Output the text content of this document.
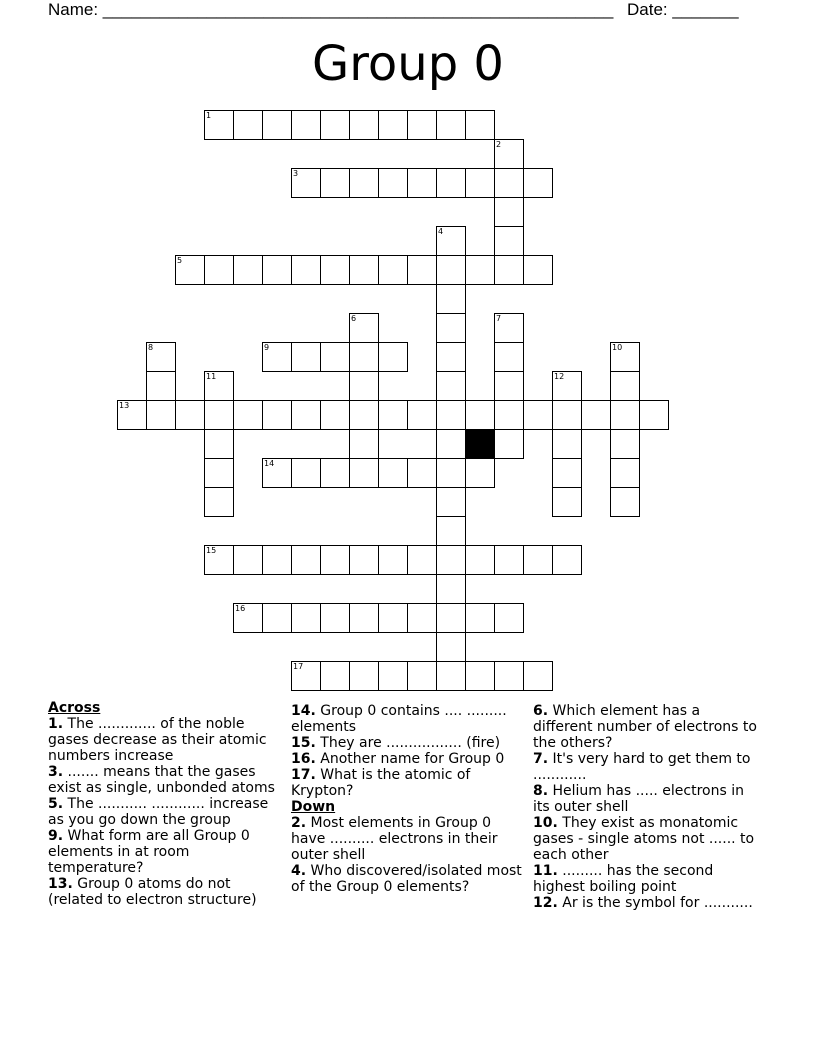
Name: ______________________________________________________ Date: _______
Group 0
1
2
3
4
5
6	7
8	9	10
11	12
13
14
15
16
17
Across

1. The ............. of the noble gases decrease as their atomic numbers increase

3. ....... means that the gases exist as single, unbonded atoms

5. The ........... ............ increase as you go down the group

9. What form are all Group 0 elements in at room temperature?

13. Group 0 atoms do not (related to electron structure)

14. Group 0 contains .... ......... elements

15. They are ................. (fire)

16. Another name for Group 0

17. What is the atomic of Krypton?

Down

2. Most elements in Group 0 have .......... electrons in their outer shell

4. Who discovered/isolated most of the Group 0 elements?

6. Which element has a different number of electrons to the others?

7. It's very hard to get them to ............

8. Helium has ..... electrons in its outer shell

10. They exist as monatomic gases - single atoms not ...... to each other

11. ......... has the second highest boiling point

12. Ar is the symbol for ...........
